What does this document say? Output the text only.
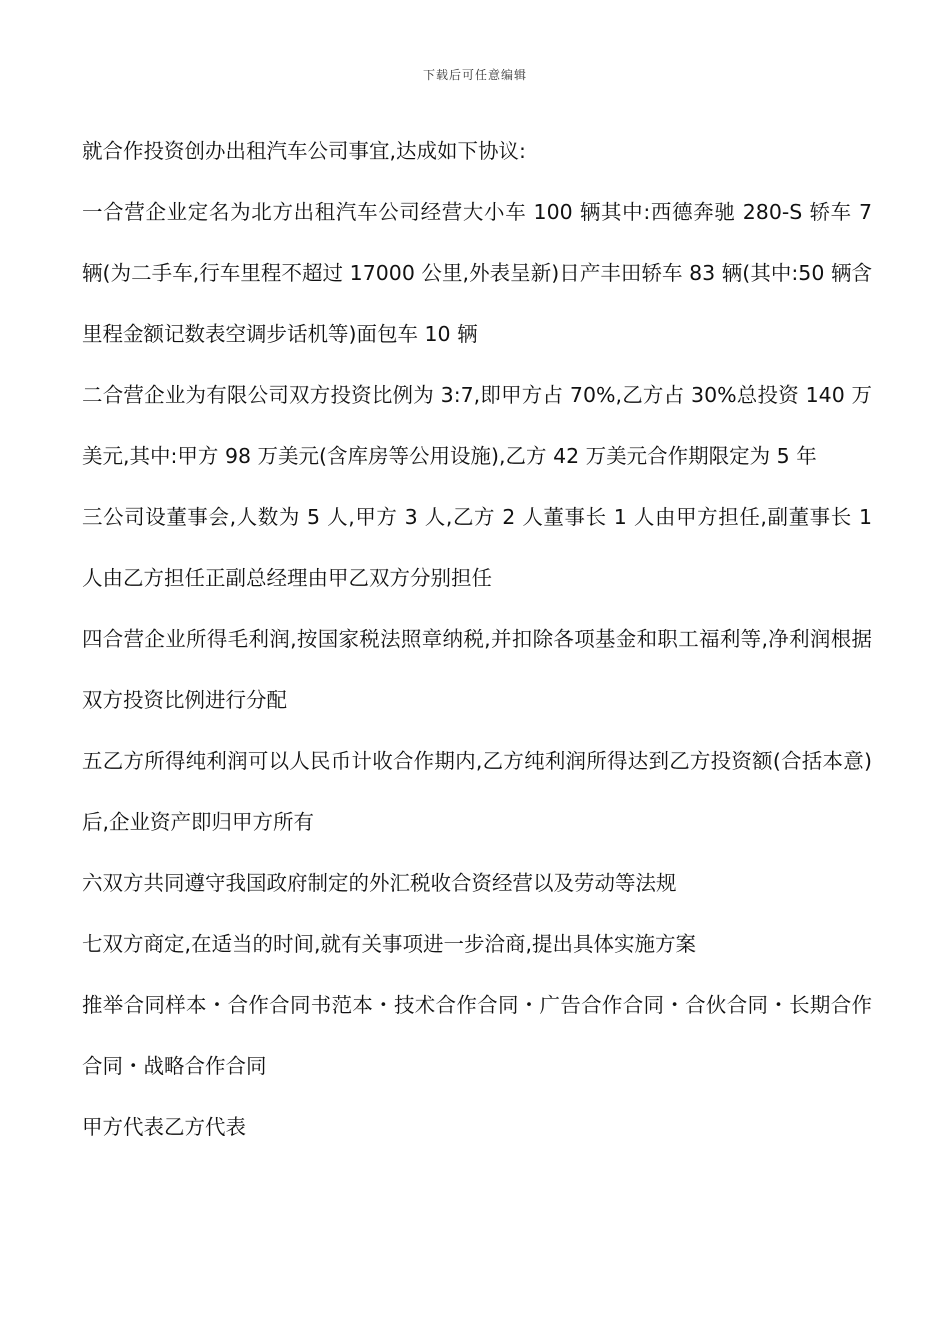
下载后可任意编辑

就合作投资创办出租汽车公司事宜,达成如下协议:

一合营企业定名为北方出租汽车公司经营大小车 100 辆其中:西德奔驰 280-S 轿车 7 辆(为二手车,行车里程不超过 17000 公里,外表呈新)日产丰田轿车 83 辆(其中:50 辆含里程金额记数表空调步话机等)面包车 10 辆

二合营企业为有限公司双方投资比例为 3:7,即甲方占 70%,乙方占 30%总投资 140 万美元,其中:甲方 98 万美元(含库房等公用设施),乙方 42 万美元合作期限定为 5 年

三公司设董事会,人数为 5 人,甲方 3 人,乙方 2 人董事长 1 人由甲方担任,副董事长 1 人由乙方担任正副总经理由甲乙双方分别担任

四合营企业所得毛利润,按国家税法照章纳税,并扣除各项基金和职工福利等,净利润根据双方投资比例进行分配

五乙方所得纯利润可以人民币计收合作期内,乙方纯利润所得达到乙方投资额(合括本意)后,企业资产即归甲方所有

六双方共同遵守我国政府制定的外汇税收合资经营以及劳动等法规

七双方商定,在适当的时间,就有关事项进一步洽商,提出具体实施方案

推举合同样本・合作合同书范本・技术合作合同・广告合作合同・合伙合同・长期合作合同・战略合作合同

甲方代表乙方代表
